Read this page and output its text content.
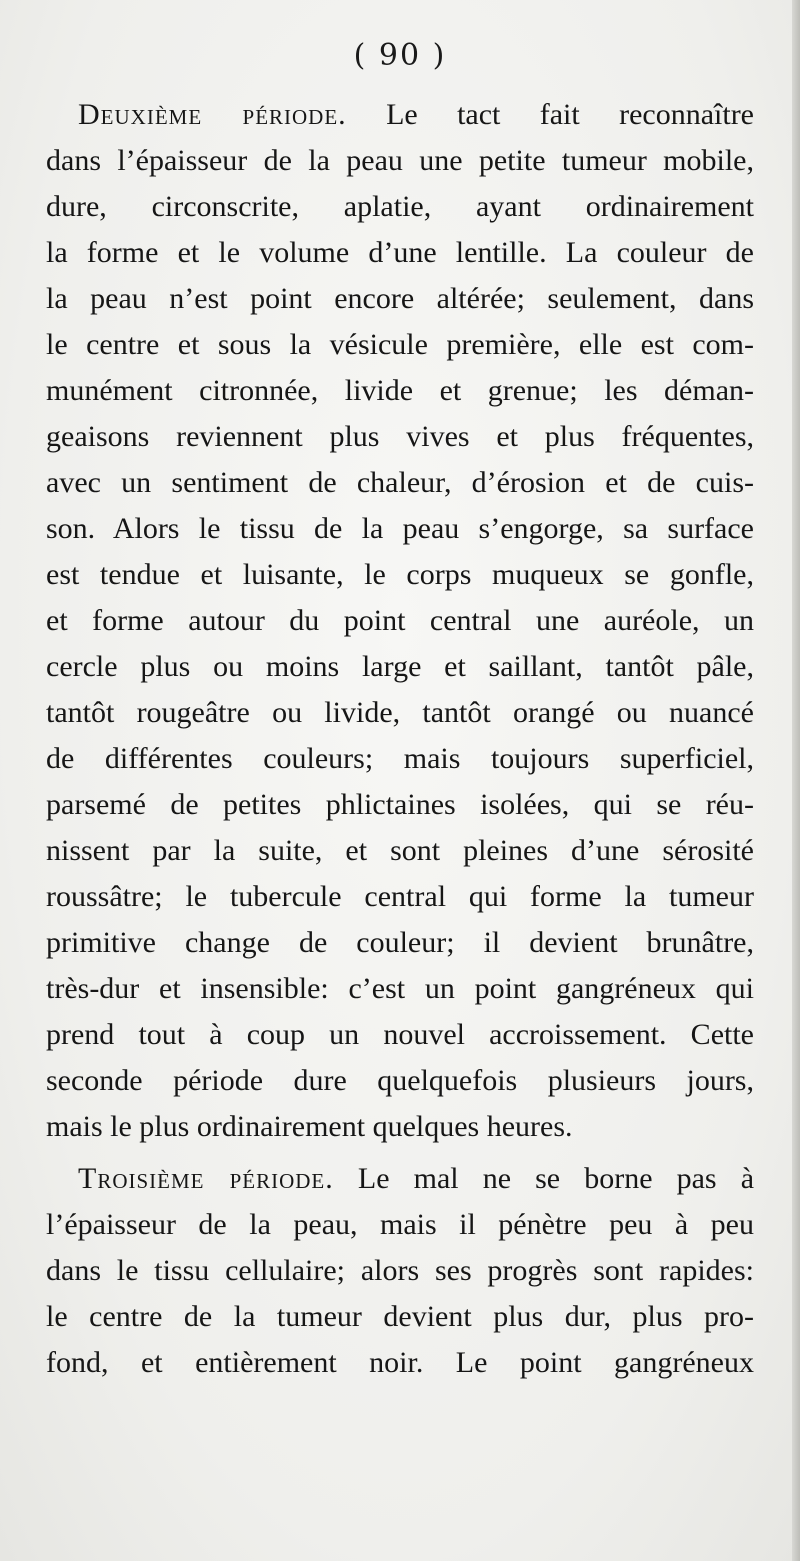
( 90 )
Deuxième période. Le tact fait reconnaître
dans l’épaisseur de la peau une petite tumeur mobile,
dure, circonscrite, aplatie, ayant ordinairement
la forme et le volume d’une lentille. La couleur de
la peau n’est point encore altérée; seulement, dans
le centre et sous la vésicule première, elle est com-
munément citronnée, livide et grenue; les déman-
geaisons reviennent plus vives et plus fréquentes,
avec un sentiment de chaleur, d’érosion et de cuis-
son. Alors le tissu de la peau s’engorge, sa surface
est tendue et luisante, le corps muqueux se gonfle,
et forme autour du point central une auréole, un
cercle plus ou moins large et saillant, tantôt pâle,
tantôt rougeâtre ou livide, tantôt orangé ou nuancé
de différentes couleurs; mais toujours superficiel,
parsemé de petites phlictaines isolées, qui se réu-
nissent par la suite, et sont pleines d’une sérosité
roussâtre; le tubercule central qui forme la tumeur
primitive change de couleur; il devient brunâtre,
très-dur et insensible: c’est un point gangréneux qui
prend tout à coup un nouvel accroissement. Cette
seconde période dure quelquefois plusieurs jours,
mais le plus ordinairement quelques heures.
Troisième période. Le mal ne se borne pas à
l’épaisseur de la peau, mais il pénètre peu à peu
dans le tissu cellulaire; alors ses progrès sont rapides:
le centre de la tumeur devient plus dur, plus pro-
fond, et entièrement noir. Le point gangréneux
